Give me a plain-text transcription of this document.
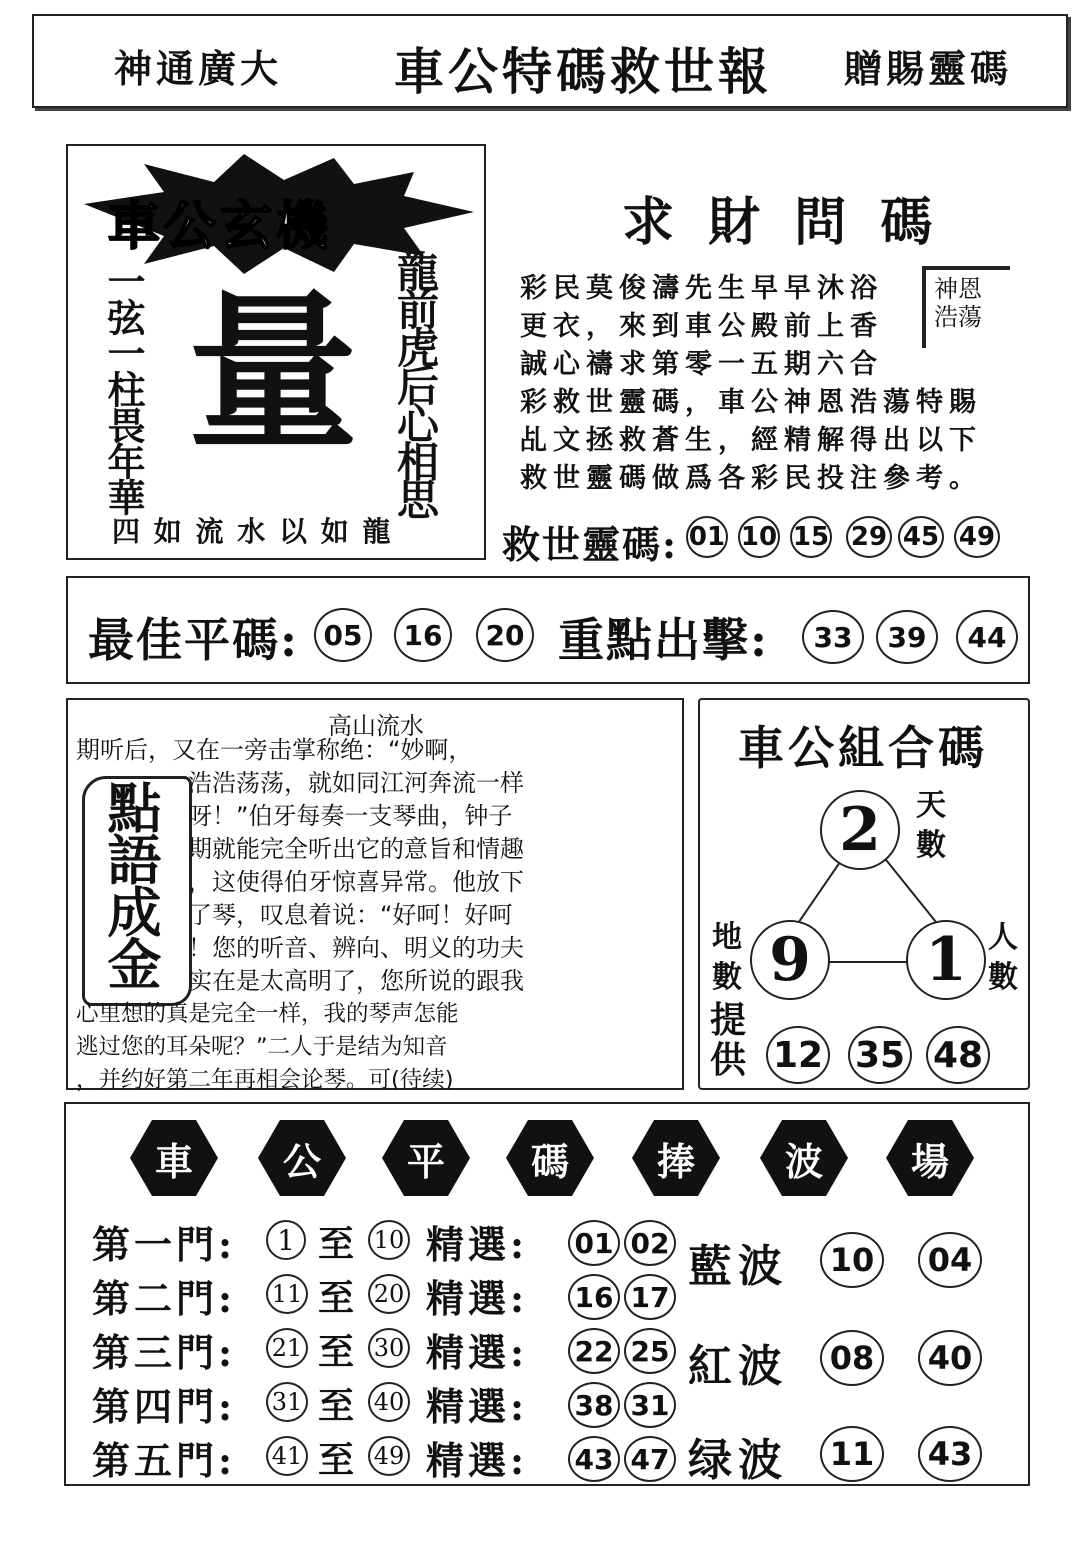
神通廣大 車公特碼救世報 贈賜靈碼
車公玄機
一弦一柱畏年華 量 龍前虎后心相思
四 如 流 水 以 如 龍
求 財 問 碼
神恩浩蕩
彩民莫俊濤先生早早沐浴
更衣，來到車公殿前上香
誠心禱求第零一五期六合
彩救世靈碼，車公神恩浩蕩特賜
乩文拯救蒼生，經精解得出以下
救世靈碼做爲各彩民投注參考。
救世靈碼: 01 10 15 29 45 49
最佳平碼: 05	16	20 重點出擊:	33	39	44
高山流水
點語成金
期听后，又在一旁击掌称绝：“妙啊，
浩浩荡荡，就如同江河奔流一样
呀！”伯牙每奏一支琴曲，钟子
期就能完全听出它的意旨和情趣
，这使得伯牙惊喜异常。他放下
了琴，叹息着说：“好呵！好呵
！您的听音、辨向、明义的功夫
实在是太高明了，您所说的跟我
心里想的真是完全一样，我的琴声怎能
逃过您的耳朵呢？”二人于是结为知音
，并约好第二年再相会论琴。可(待续)
車公組合碼
2
9	1
天數
地數
人數
提供 12 35 48
車	公	平	碼	捧	波	場
第一門:	1 至 10 精選: 01 02
第二門: 11 至 20 精選: 16 17
第三門: 21 至 30 精選: 22 25
第四門: 31 至 40 精選: 38 31
第五門: 41 至 49 精選: 43 47
藍波	10	04
紅波	08	40
绿波	11	43
